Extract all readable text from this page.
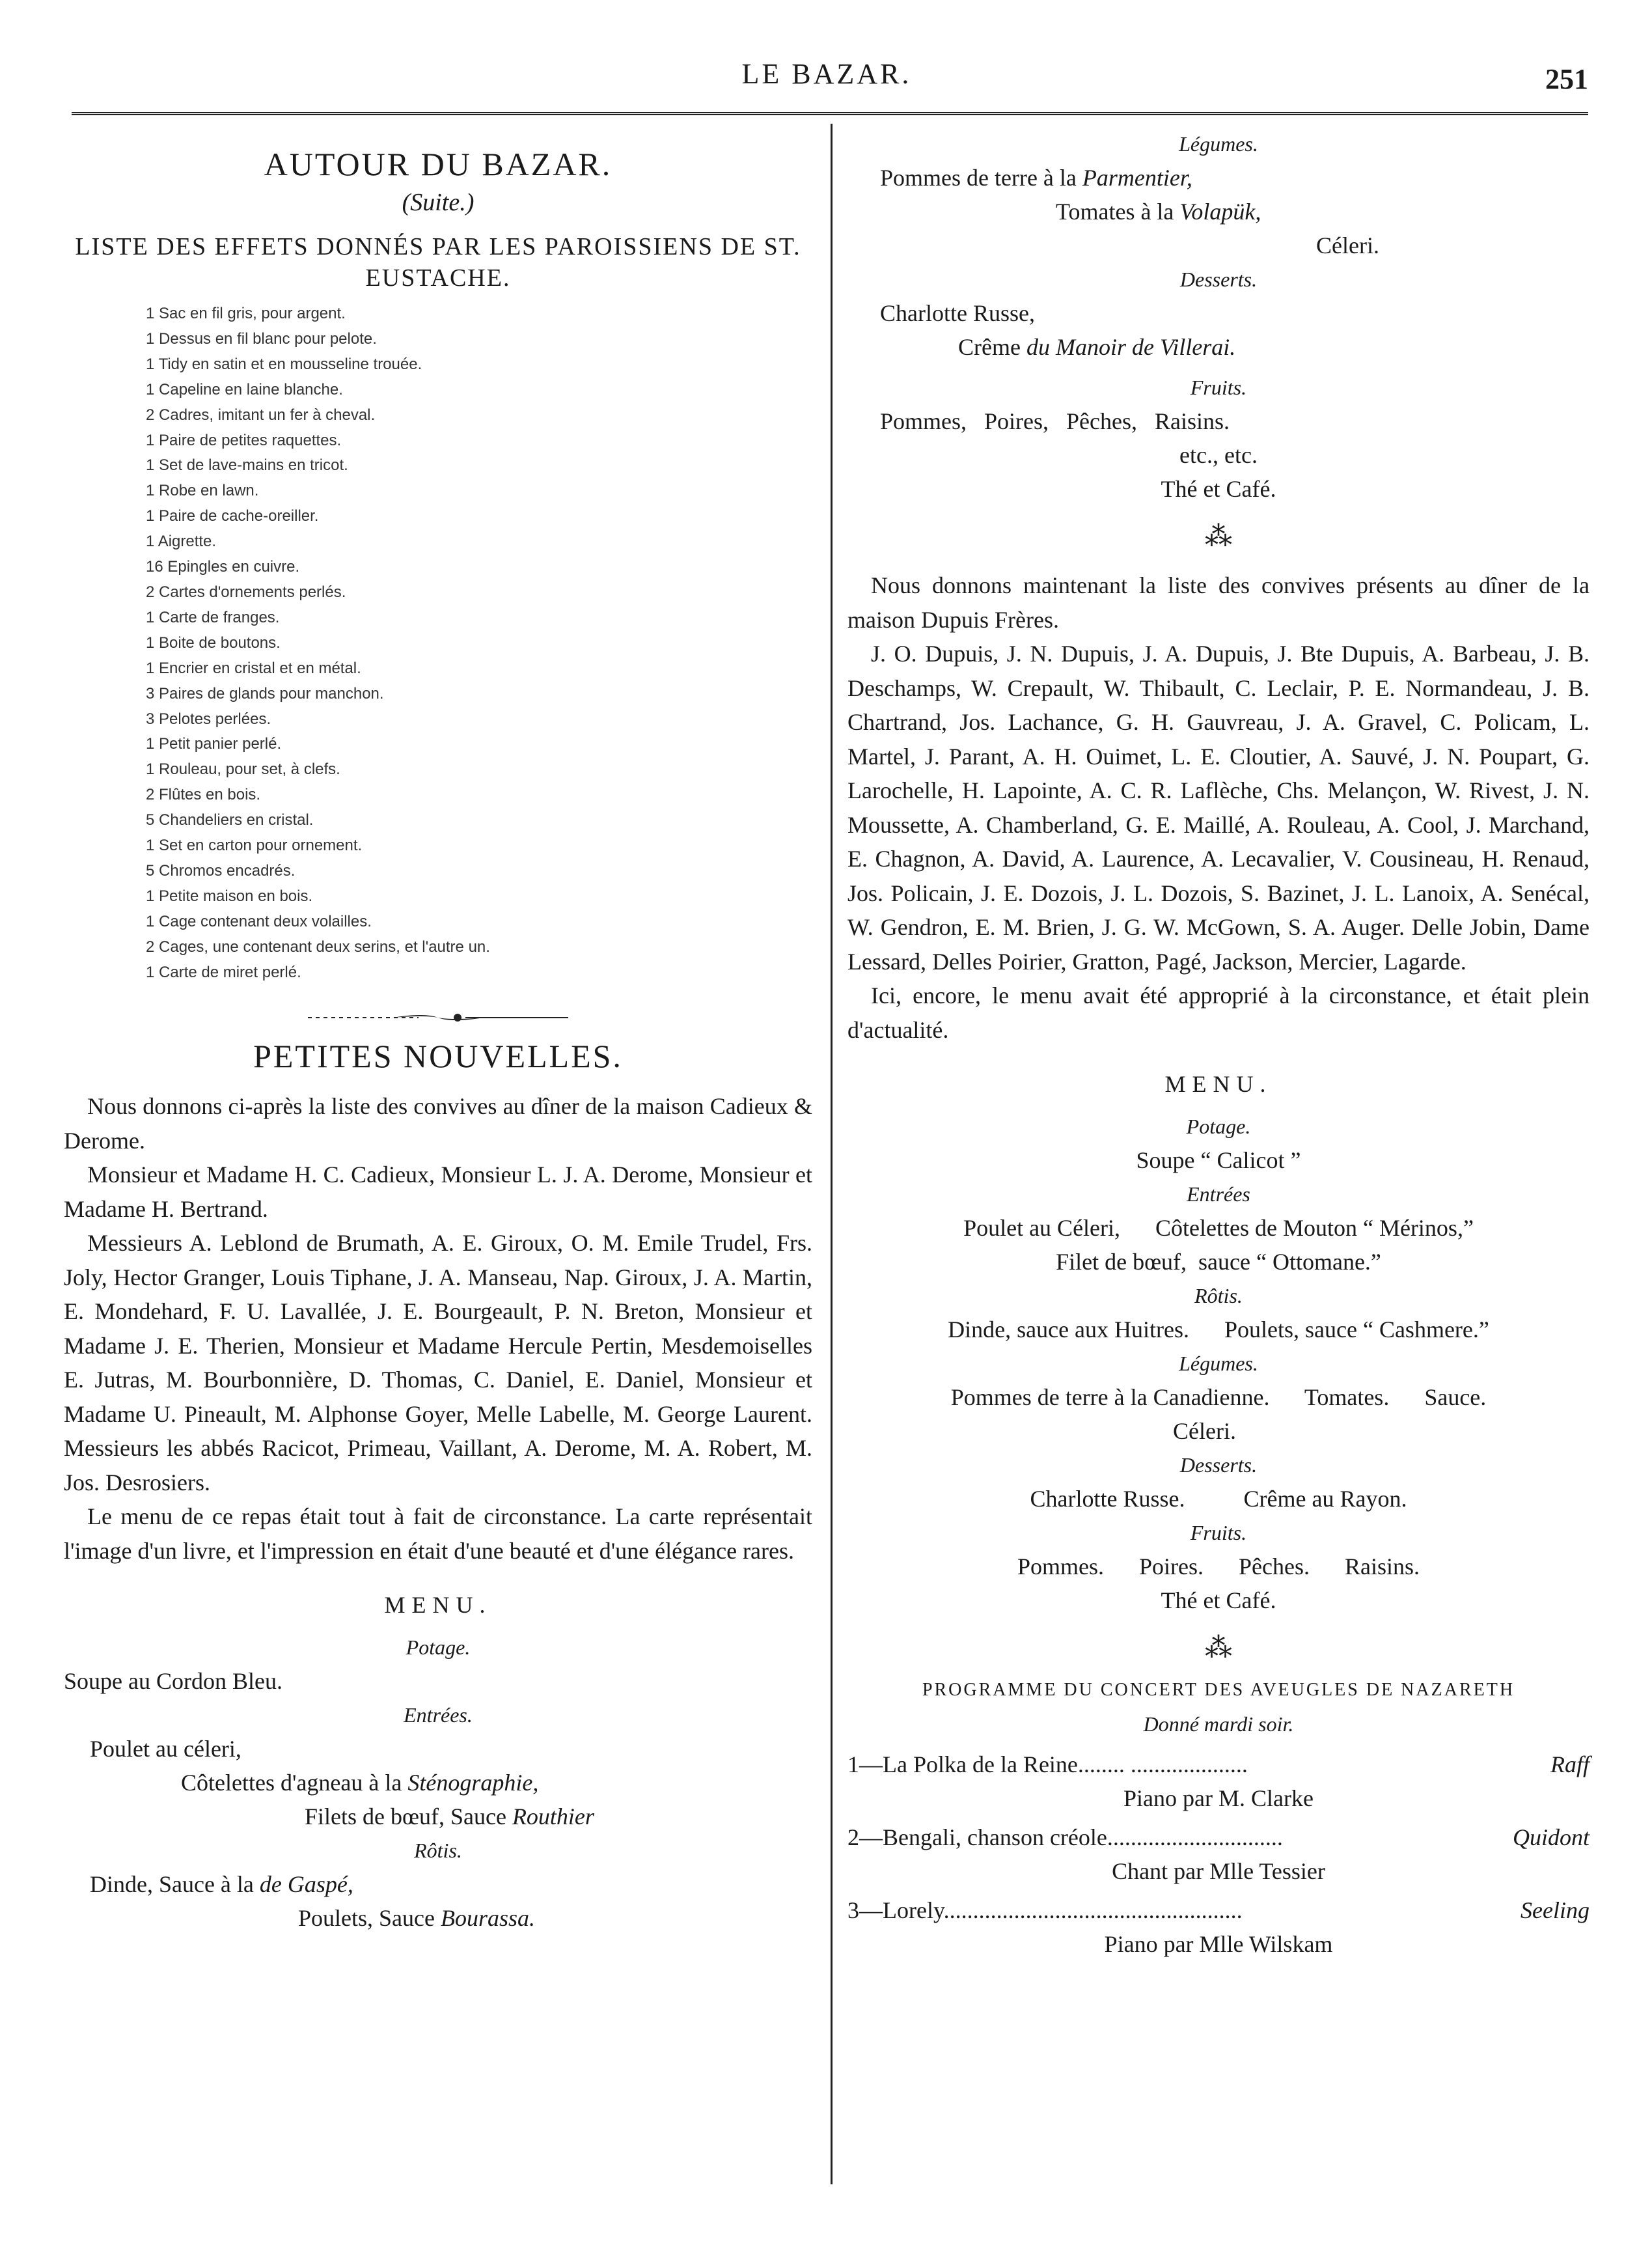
LE BAZAR.	251
AUTOUR DU BAZAR.
(Suite.)
LISTE DES EFFETS DONNÉS PAR LES PAROISSIENS DE ST. EUSTACHE.
1 Sac en fil gris, pour argent.
1 Dessus en fil blanc pour pelote.
1 Tidy en satin et en mousseline trouée.
1 Capeline en laine blanche.
2 Cadres, imitant un fer à cheval.
1 Paire de petites raquettes.
1 Set de lave-mains en tricot.
1 Robe en lawn.
1 Paire de cache-oreiller.
1 Aigrette.
16 Epingles en cuivre.
2 Cartes d'ornements perlés.
1 Carte de franges.
1 Boite de boutons.
1 Encrier en cristal et en métal.
3 Paires de glands pour manchon.
3 Pelotes perlées.
1 Petit panier perlé.
1 Rouleau, pour set, à clefs.
2 Flûtes en bois.
5 Chandeliers en cristal.
1 Set en carton pour ornement.
5 Chromos encadrés.
1 Petite maison en bois.
1 Cage contenant deux volailles.
2 Cages, une contenant deux serins, et l'autre un.
1 Carte de miret perlé.
PETITES NOUVELLES.

Nous donnons ci-après la liste des convives au dîner de la maison Cadieux & Derome.

Monsieur et Madame H. C. Cadieux, Monsieur L. J. A. Derome, Monsieur et Madame H. Bertrand.

Messieurs A. Leblond de Brumath, A. E. Giroux, O. M. Emile Trudel, Frs. Joly, Hector Granger, Louis Tiphane, J. A. Manseau, Nap. Giroux, J. A. Martin, E. Mondehard, F. U. Lavallée, J. E. Bourgeault, P. N. Breton, Monsieur et Madame J. E. Therien, Monsieur et Madame Hercule Pertin, Mesdemoiselles E. Jutras, M. Bourbonnière, D. Thomas, C. Daniel, E. Daniel, Monsieur et Madame U. Pineault, M. Alphonse Goyer, Melle Labelle, M. George Laurent. Messieurs les abbés Racicot, Primeau, Vaillant, A. Derome, M. A. Robert, M. Jos. Desrosiers.

Le menu de ce repas était tout à fait de circonstance. La carte représentait l'image d'un livre, et l'impression en était d'une beauté et d'une élégance rares.

MENU.

Potage.

Soupe au Cordon Bleu.

Entrées.

Poulet au céleri,

Côtelettes d'agneau à la Sténographie,

Filets de bœuf, Sauce Routhier

Rôtis.

Dinde, Sauce à la de Gaspé,

Poulets, Sauce Bourassa.

Légumes.

Pommes de terre à la Parmentier,

Tomates à la Volapük,

Céleri.

Desserts.

Charlotte Russe,

Crême du Manoir de Villerai.

Fruits.

Pommes,   Poires,   Pêches,   Raisins.

etc., etc.

Thé et Café.

⁂

Nous donnons maintenant la liste des convives présents au dîner de la maison Dupuis Frères.

J. O. Dupuis, J. N. Dupuis, J. A. Dupuis, J. Bte Dupuis, A. Barbeau, J. B. Deschamps, W. Crepault, W. Thibault, C. Leclair, P. E. Normandeau, J. B. Chartrand, Jos. Lachance, G. H. Gauvreau, J. A. Gravel, C. Policam, L. Martel, J. Parant, A. H. Ouimet, L. E. Cloutier, A. Sauvé, J. N. Poupart, G. Larochelle, H. Lapointe, A. C. R. Laflèche, Chs. Melançon, W. Rivest, J. N. Moussette, A. Chamberland, G. E. Maillé, A. Rouleau, A. Cool, J. Marchand, E. Chagnon, A. David, A. Laurence, A. Lecavalier, V. Cousineau, H. Renaud, Jos. Policain, J. E. Dozois, J. L. Dozois, S. Bazinet, J. L. Lanoix, A. Senécal, W. Gendron, E. M. Brien, J. G. W. McGown, S. A. Auger. Delle Jobin, Dame Lessard, Delles Poirier, Gratton, Pagé, Jackson, Mercier, Lagarde.

Ici, encore, le menu avait été approprié à la circonstance, et était plein d'actualité.

MENU.

Potage.

Soupe “ Calicot ”

Entrées

Poulet au Céleri,      Côtelettes de Mouton “ Mérinos,”

Filet de bœuf,  sauce “ Ottomane.”

Rôtis.

Dinde, sauce aux Huitres.      Poulets, sauce “ Cashmere.”

Légumes.

Pommes de terre à la Canadienne.      Tomates.      Sauce.

Céleri.

Desserts.

Charlotte Russe.          Crême au Rayon.

Fruits.

Pommes.      Poires.      Pêches.      Raisins.

Thé et Café.

⁂
PROGRAMME DU CONCERT DES AVEUGLES DE NAZARETH

Donné mardi soir.

1—La Polka de la Reine........ ....................	Raff

Piano par M. Clarke

2—Bengali, chanson créole..............................	Quidont

Chant par Mlle Tessier

3—Lorely...................................................	Seeling

Piano par Mlle Wilskam
